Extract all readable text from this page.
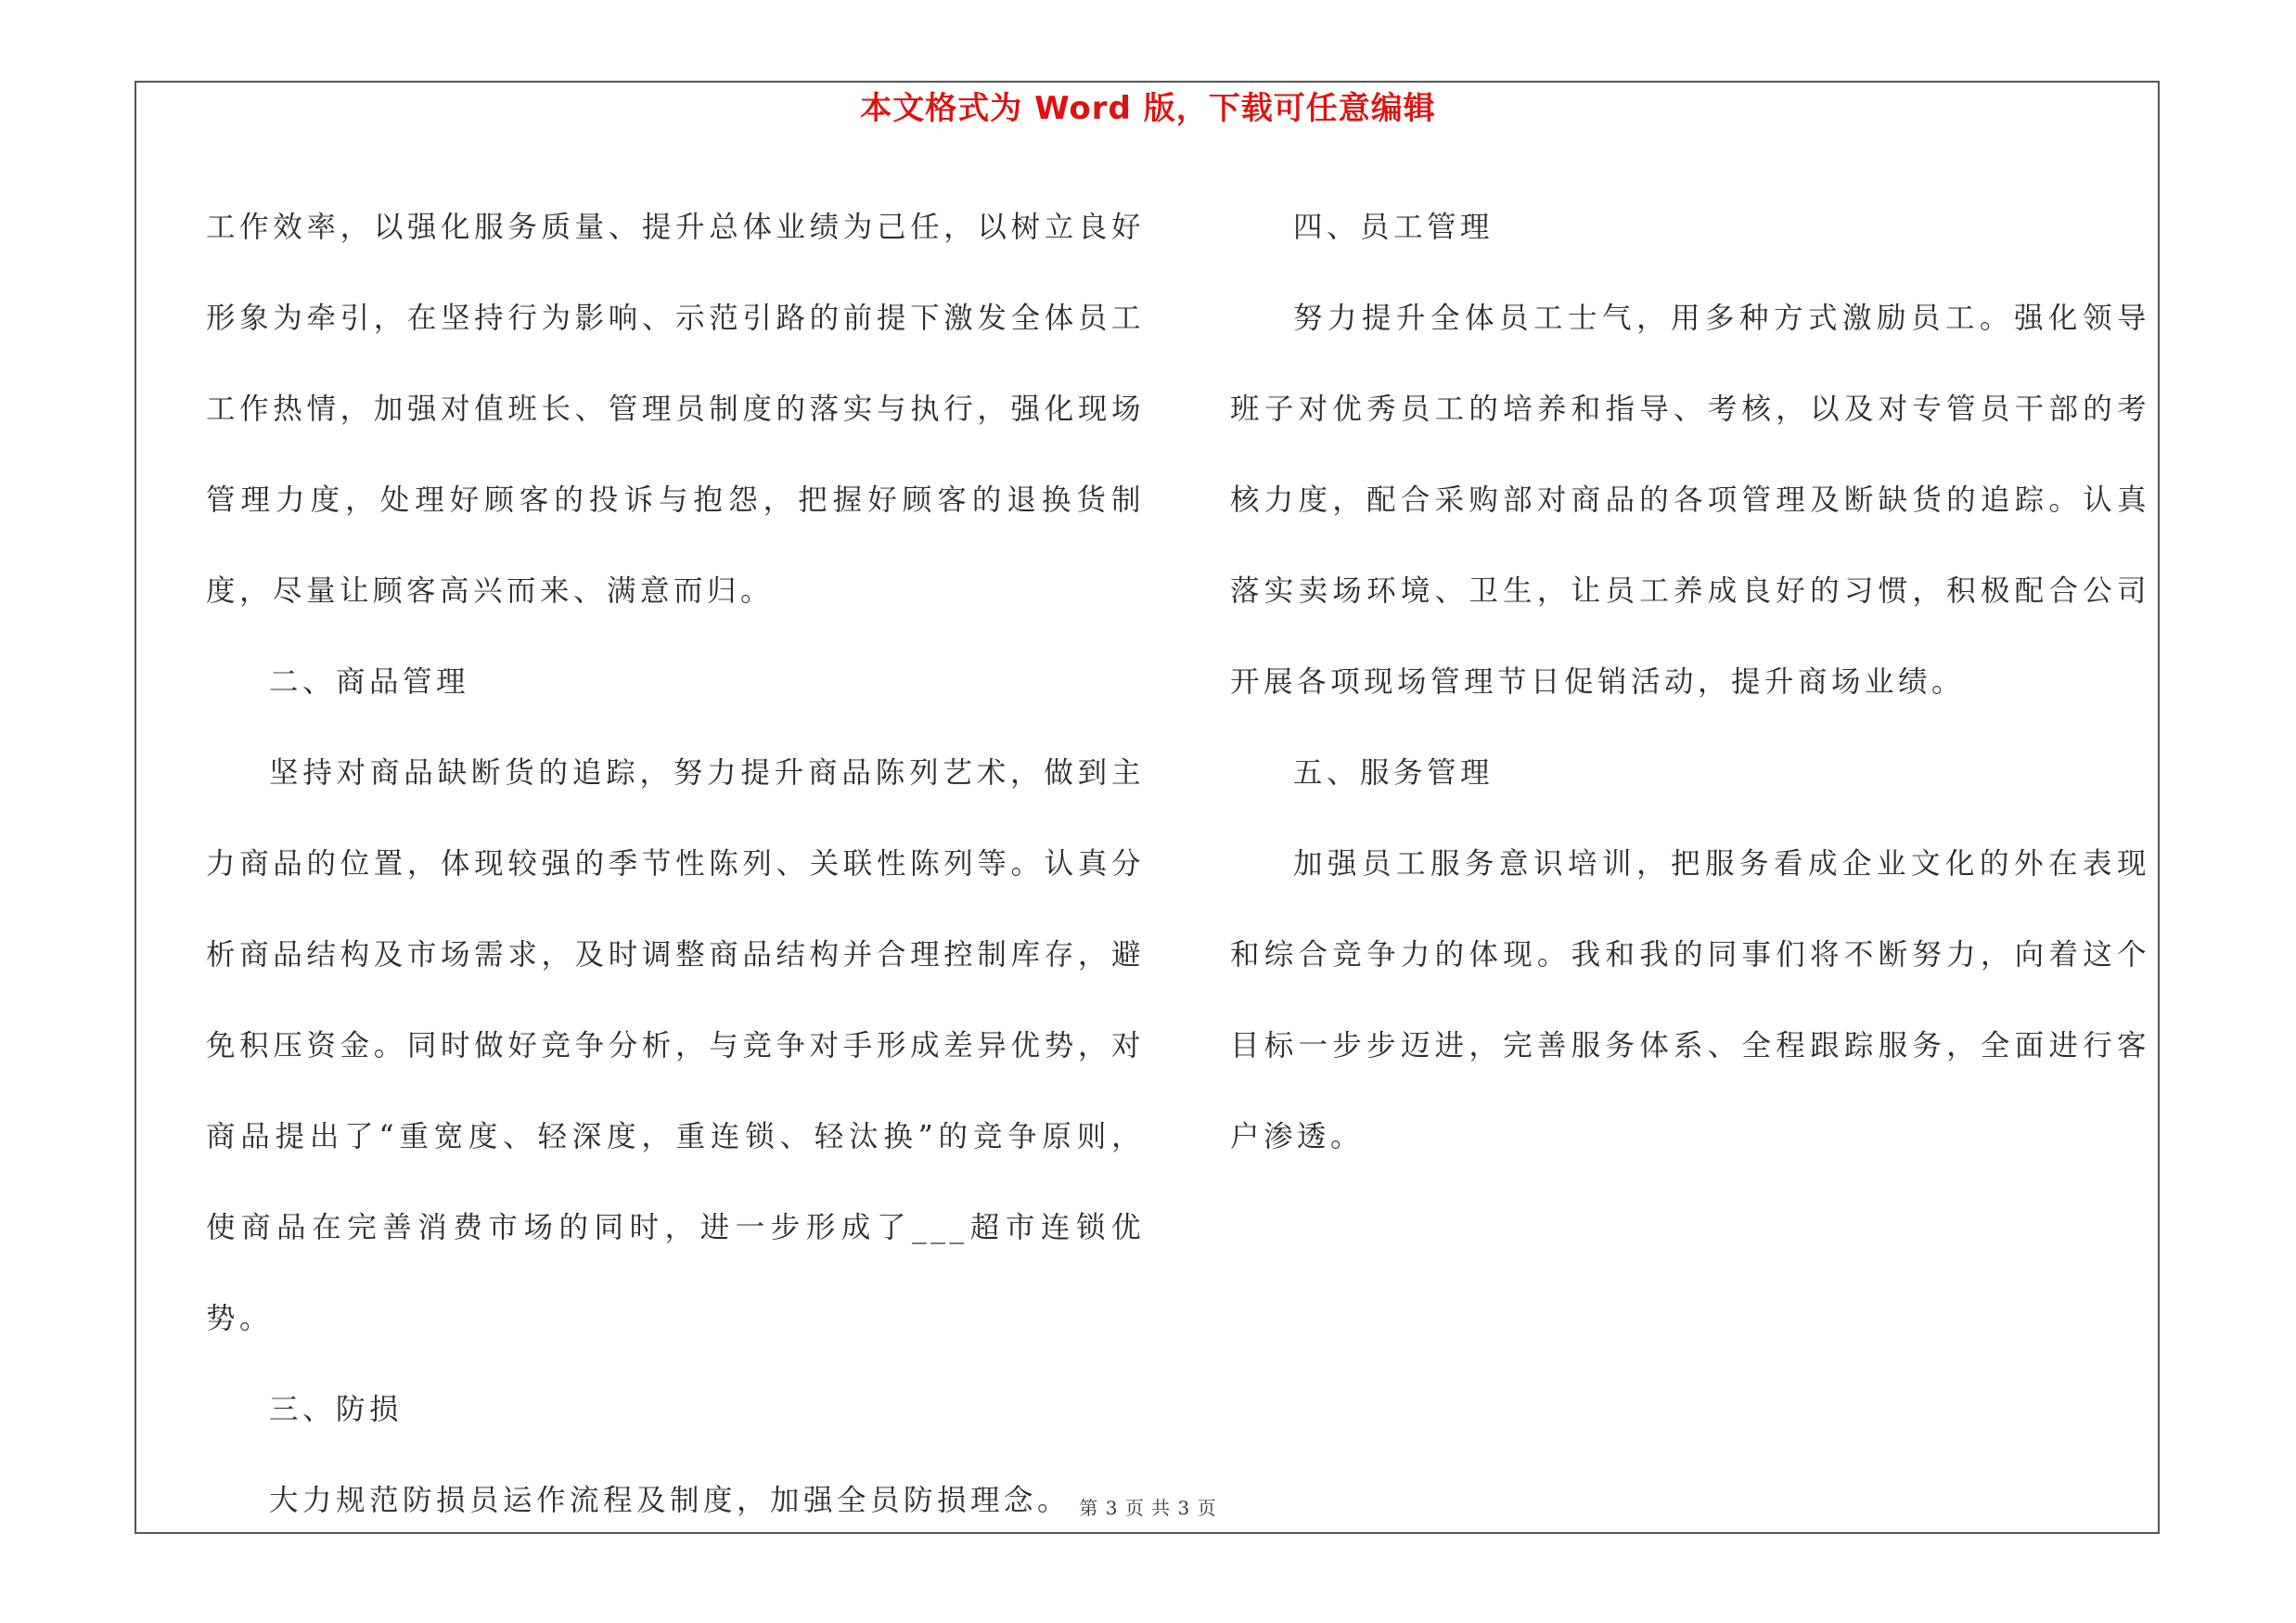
本文格式为 Word 版，下载可任意编辑

工作效率，以强化服务质量、提升总体业绩为己任，以树立良好形象为牵引，在坚持行为影响、示范引路的前提下激发全体员工工作热情，加强对值班长、管理员制度的落实与执行，强化现场管理力度，处理好顾客的投诉与抱怨，把握好顾客的退换货制度，尽量让顾客高兴而来、满意而归。

二、商品管理

坚持对商品缺断货的追踪，努力提升商品陈列艺术，做到主力商品的位置，体现较强的季节性陈列、关联性陈列等。认真分析商品结构及市场需求，及时调整商品结构并合理控制库存，避免积压资金。同时做好竞争分析，与竞争对手形成差异优势，对商品提出了“重宽度、轻深度，重连锁、轻汰换”的竞争原则，使商品在完善消费市场的同时，进一步形成了___超市连锁优势。

三、防损

大力规范防损员运作流程及制度，加强全员防损理念。

四、员工管理

努力提升全体员工士气，用多种方式激励员工。强化领导班子对优秀员工的培养和指导、考核，以及对专管员干部的考核力度，配合采购部对商品的各项管理及断缺货的追踪。认真落实卖场环境、卫生，让员工养成良好的习惯，积极配合公司开展各项现场管理节日促销活动，提升商场业绩。

五、服务管理

加强员工服务意识培训，把服务看成企业文化的外在表现和综合竞争力的体现。我和我的同事们将不断努力，向着这个目标一步步迈进，完善服务体系、全程跟踪服务，全面进行客户渗透。

第 3 页 共 3 页
